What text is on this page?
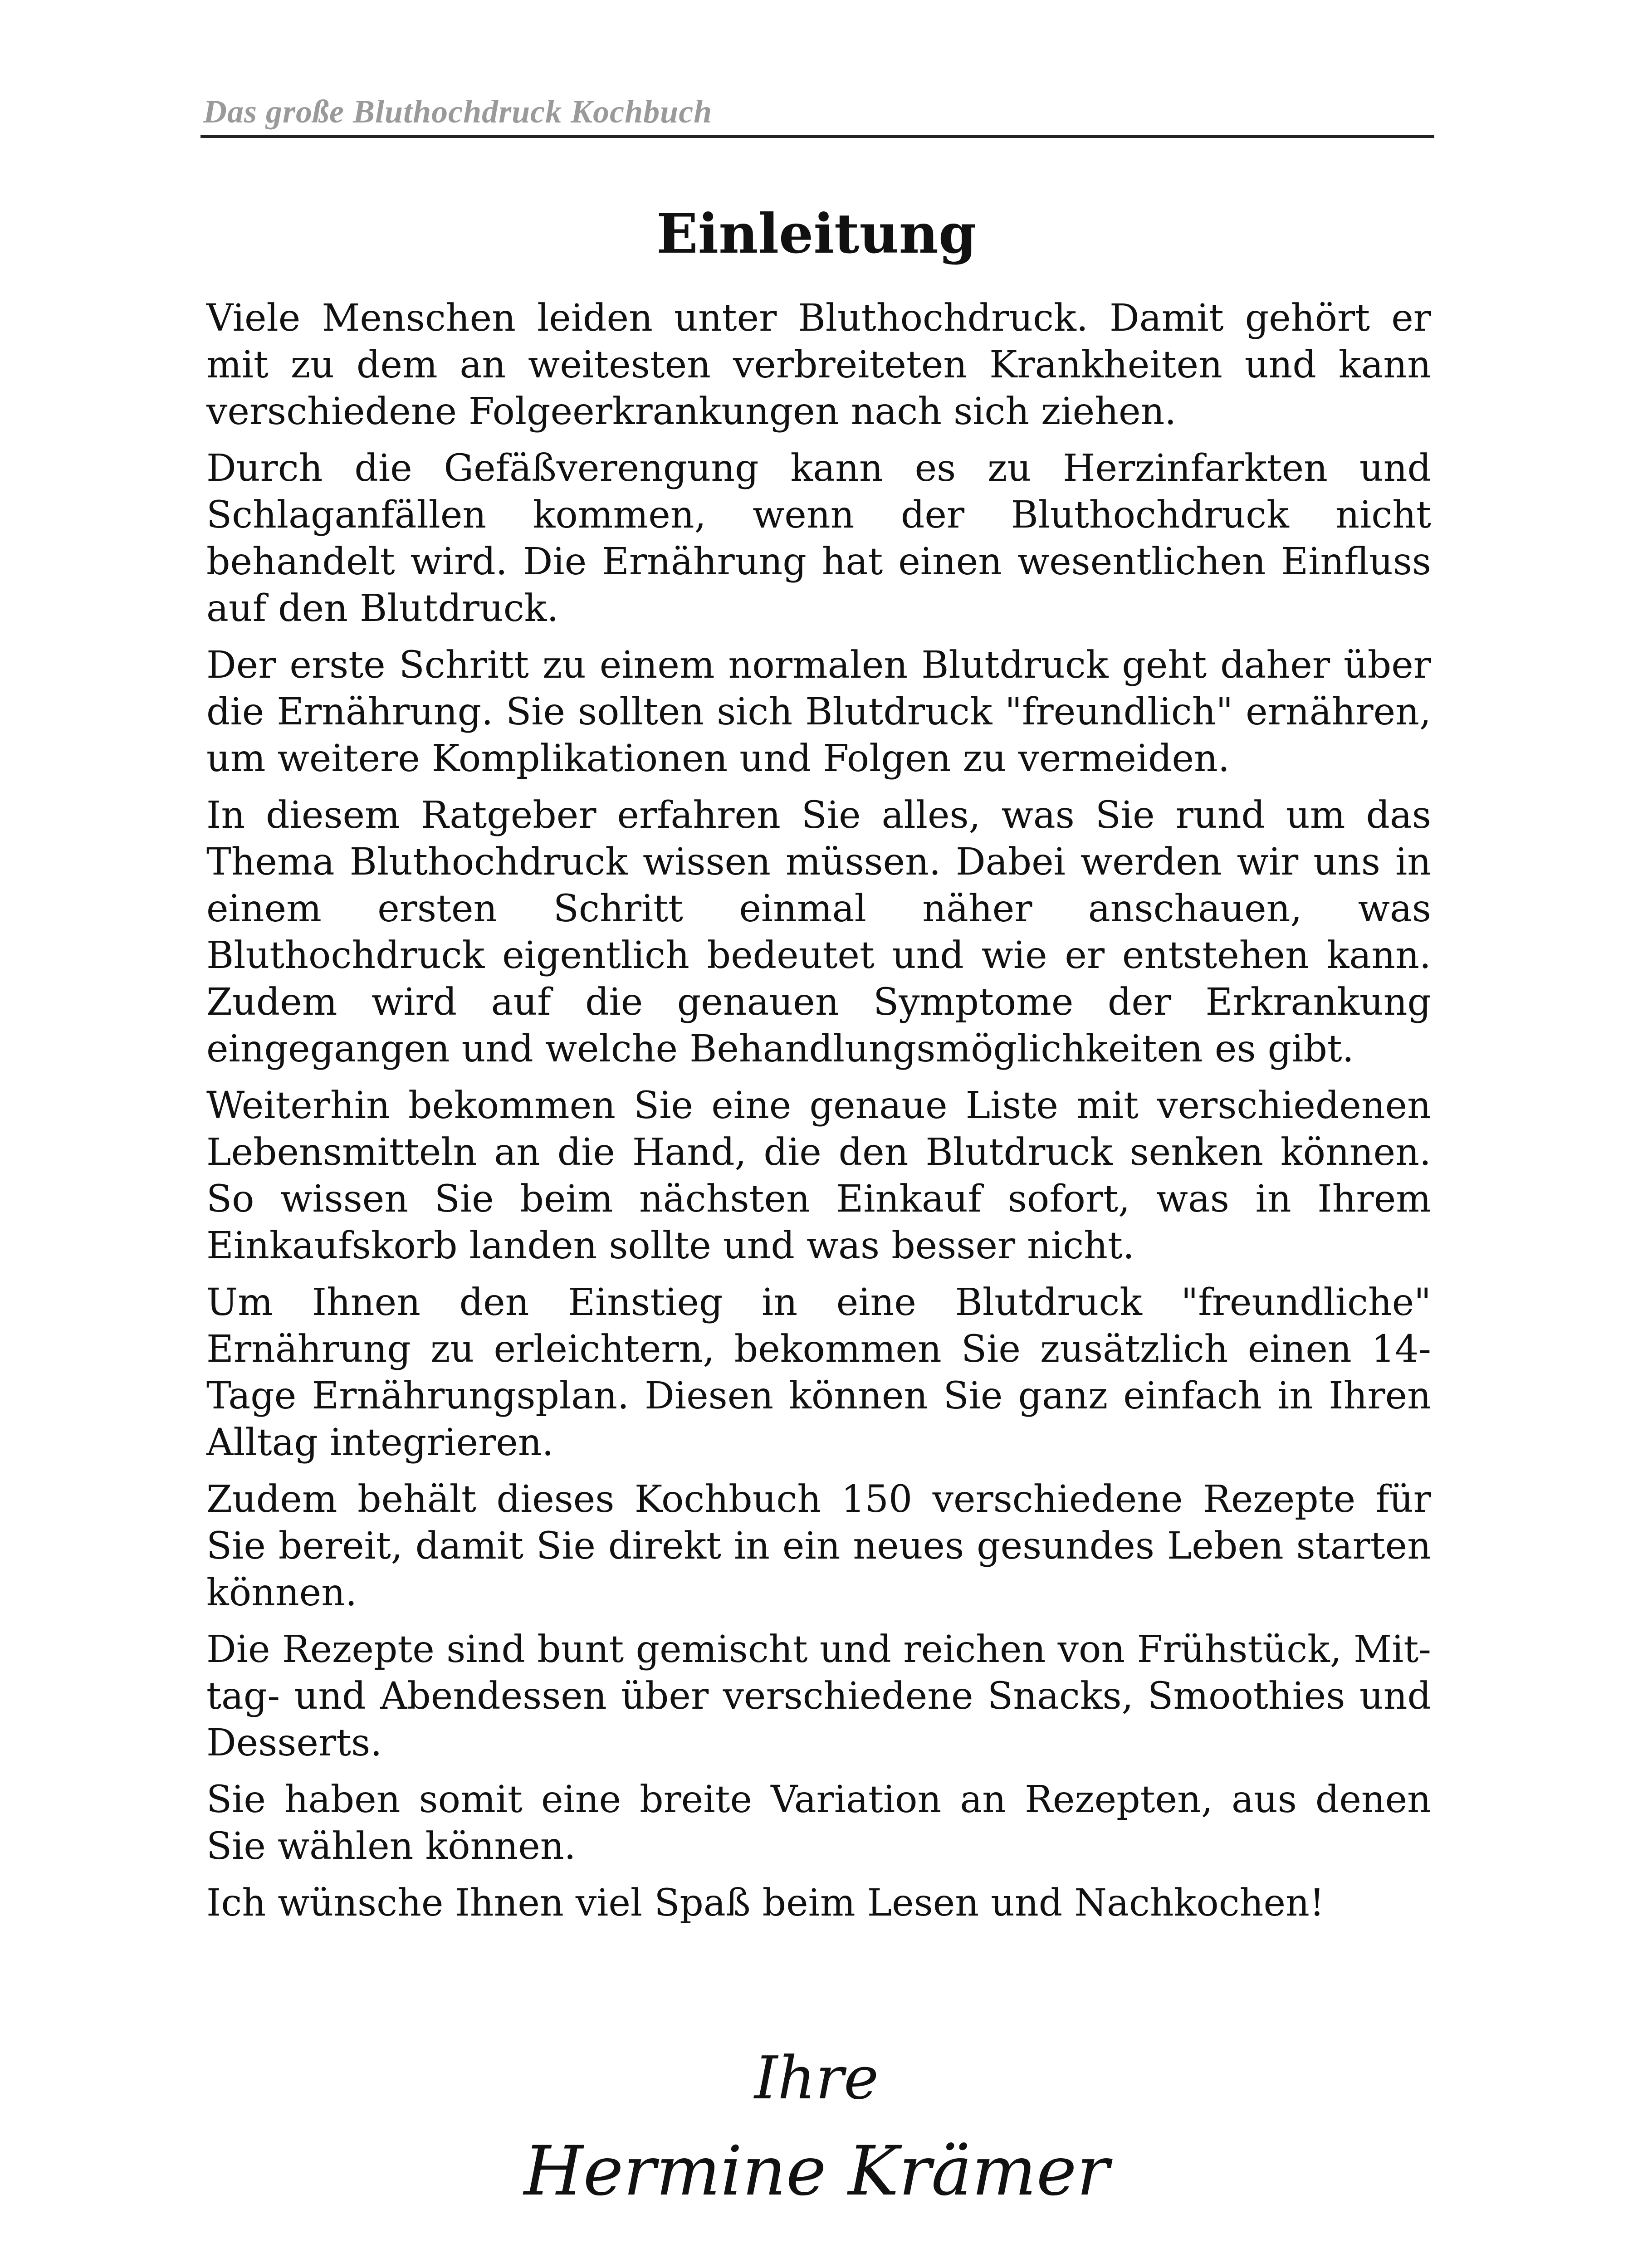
Das große Bluthochdruck Kochbuch
Einleitung

Viele Menschen leiden unter Bluthochdruck. Damit gehört er mit zu dem an weitesten verbreiteten Krankheiten und kann verschiedene Folgeerkrankungen nach sich ziehen.

Durch die Gefäßverengung kann es zu Herzinfarkten und Schlaganfällen kommen, wenn der Bluthochdruck nicht behandelt wird. Die Ernährung hat einen wesentlichen Einfluss auf den Blutdruck.

Der erste Schritt zu einem normalen Blutdruck geht daher über die Ernährung. Sie sollten sich Blutdruck "freundlich" ernähren, um weitere Komplikationen und Folgen zu vermeiden.

In diesem Ratgeber erfahren Sie alles, was Sie rund um das Thema Bluthochdruck wissen müssen. Dabei werden wir uns in einem ersten Schritt einmal näher anschauen, was Bluthochdruck eigentlich bedeutet und wie er entstehen kann. Zudem wird auf die genauen Symptome der Erkrankung eingegangen und welche Behandlungsmöglichkeiten es gibt.

Weiterhin bekommen Sie eine genaue Liste mit verschiedenen Lebensmitteln an die Hand, die den Blutdruck senken können. So wissen Sie beim nächsten Einkauf sofort, was in Ihrem Einkaufskorb landen sollte und was besser nicht.

Um Ihnen den Einstieg in eine Blutdruck "freundliche" Ernährung zu erleichtern, bekommen Sie zusätzlich einen 14-Tage Ernährungsplan. Diesen können Sie ganz einfach in Ihren Alltag integrieren.

Zudem behält dieses Kochbuch 150 verschiedene Rezepte für Sie bereit, damit Sie direkt in ein neues gesundes Leben starten können.

Die Rezepte sind bunt gemischt und reichen von Frühstück, Mittag- und Abendessen über verschiedene Snacks, Smoothies und Desserts.

Sie haben somit eine breite Variation an Rezepten, aus denen Sie wählen können.

Ich wünsche Ihnen viel Spaß beim Lesen und Nachkochen!

Ihre
Hermine Krämer
